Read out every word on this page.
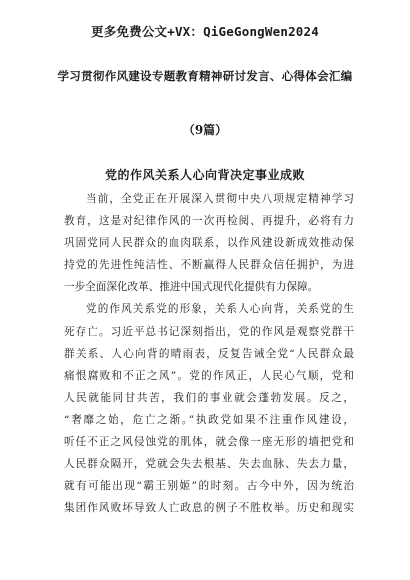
更多免费公文+VX：QiGeGongWen2024
学习贯彻作风建设专题教育精神研讨发言、心得体会汇编
（9篇）
党的作风关系人心向背决定事业成败
当前，全党正在开展深入贯彻中央八项规定精神学习
教育，这是对纪律作风的一次再检阅、再提升，必将有力
巩固党同人民群众的血肉联系，以作风建设新成效推动保
持党的先进性纯洁性、不断赢得人民群众信任拥护，为进
一步全面深化改革、推进中国式现代化提供有力保障。
党的作风关系党的形象，关系人心向背，关系党的生
死存亡。习近平总书记深刻指出，党的作风是观察党群干
群关系、人心向背的晴雨表，反复告诫全党“人民群众最
痛恨腐败和不正之风”。党的作风正，人民心气顺，党和
人民就能同甘共苦，我们的事业就会蓬勃发展。反之，
“奢靡之始，危亡之渐。”执政党如果不注重作风建设，
听任不正之风侵蚀党的肌体，就会像一座无形的墙把党和
人民群众隔开，党就会失去根基、失去血脉、失去力量，
就有可能出现“霸王别姬”的时刻。古今中外，因为统治
集团作风败坏导致人亡政息的例子不胜枚举。历史和现实
